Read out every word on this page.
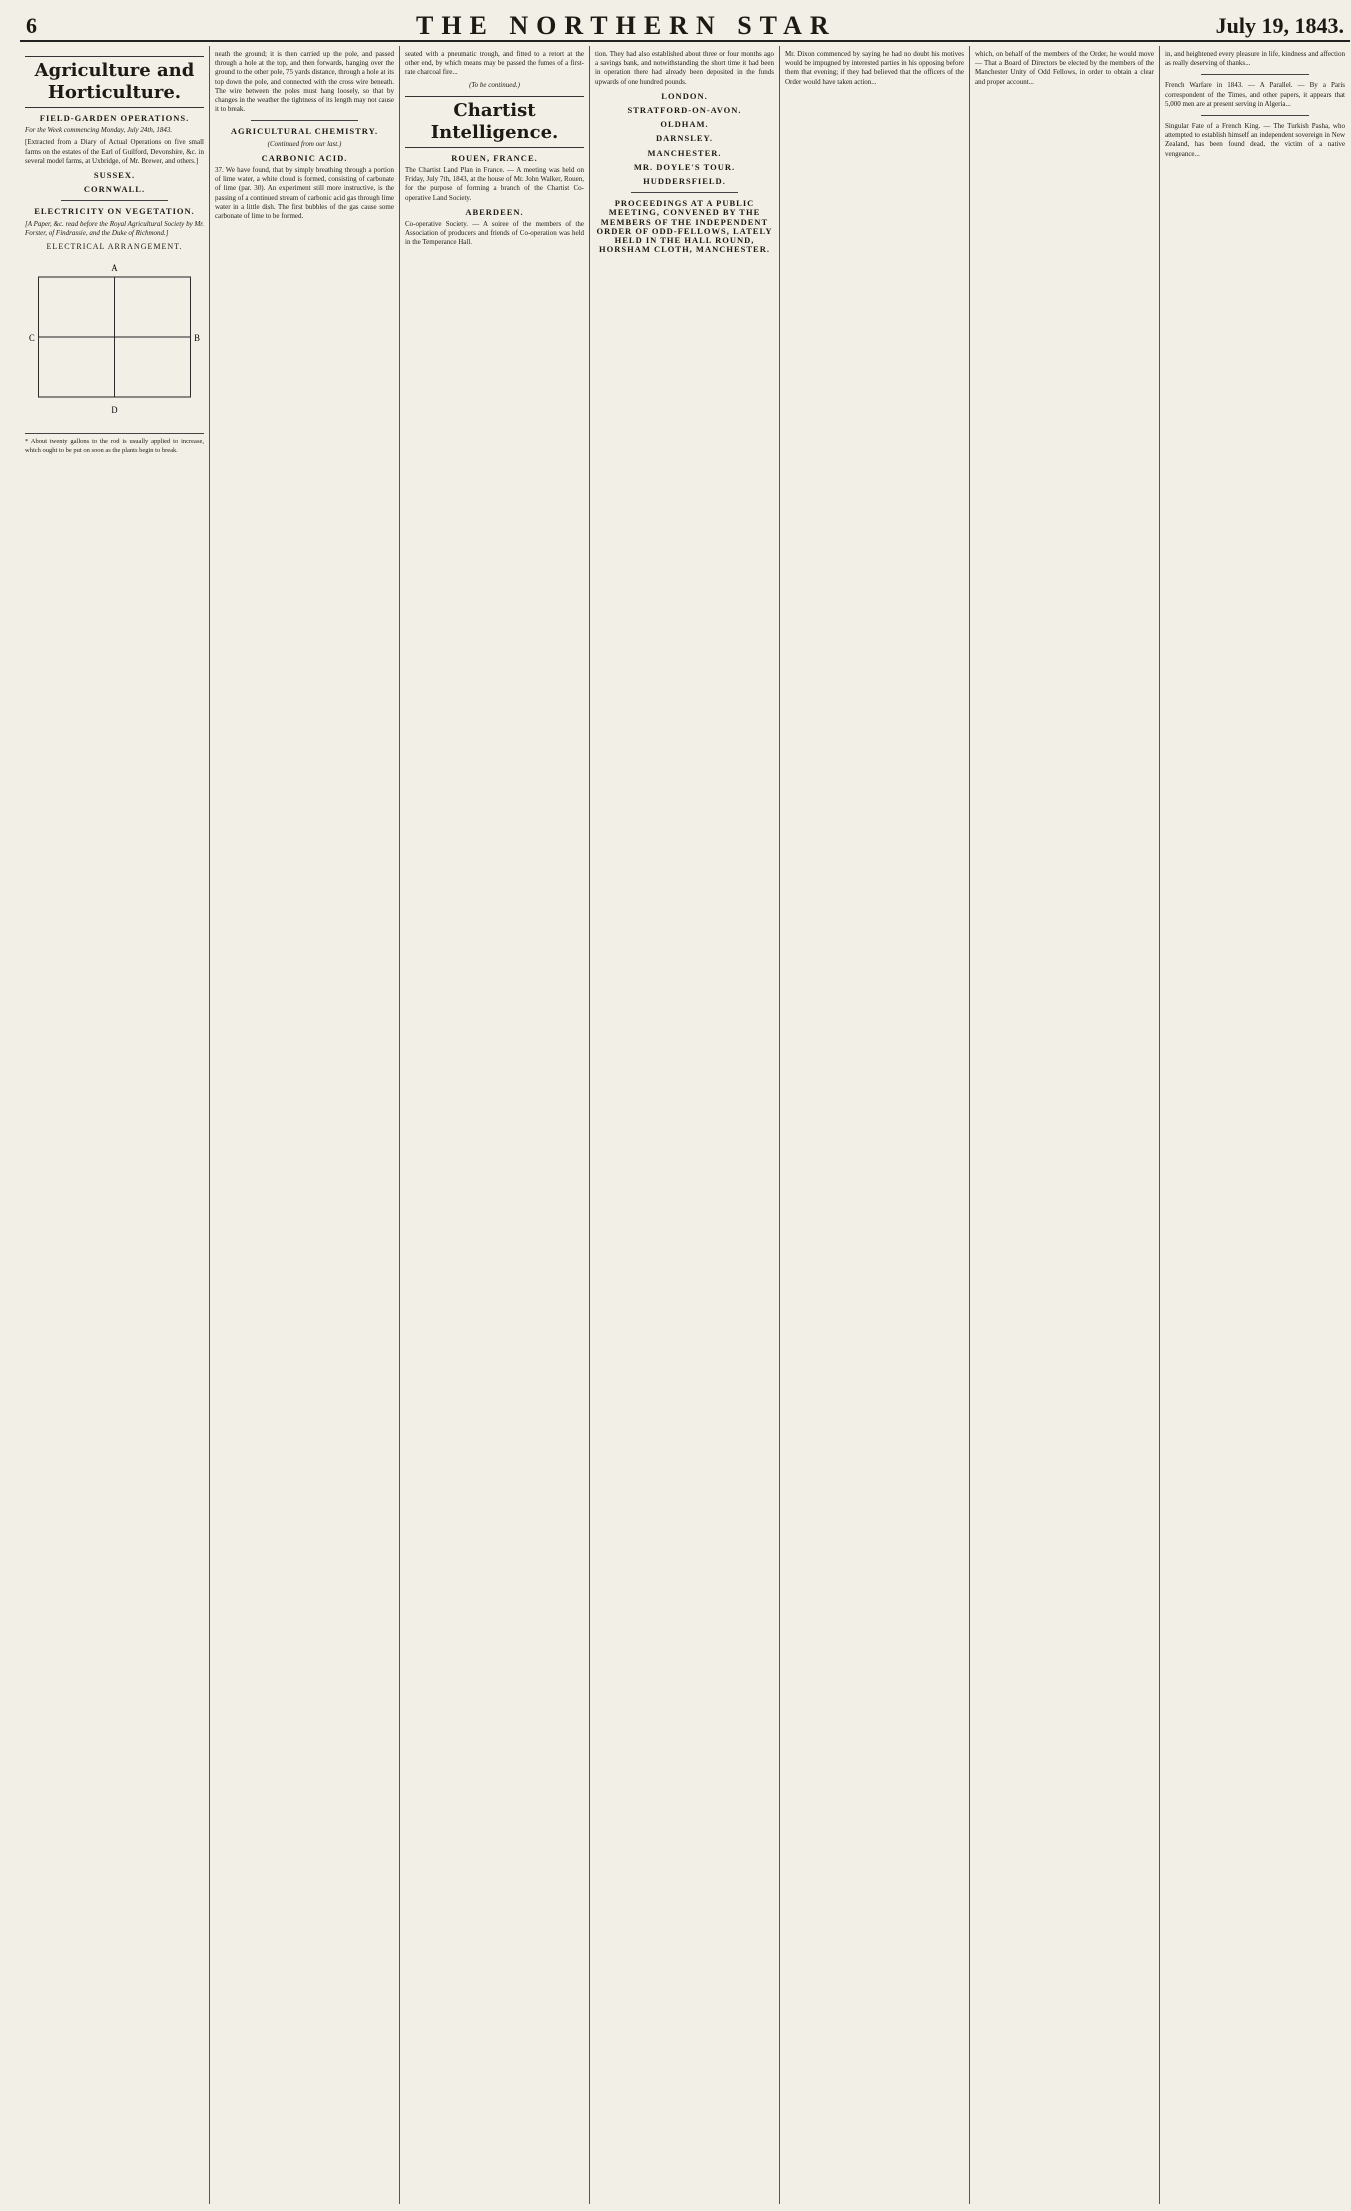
6	THE NORTHERN STAR	July 19, 1843.
Agriculture and Horticulture.
FIELD-GARDEN OPERATIONS.

For the Week commencing Monday, July 24th, 1843.

[Extracted from a Diary of Actual Operations on five small farms on the estates of the Earl of Guilford, Devonshire, &c. in several model farms, at Uxbridge, of Mr. Brewer, and others.]

SUSSEX.

CORNWALL.

ELECTRICITY ON VEGETATION.

[A Paper, &c. read before the Royal Agricultural Society by Mr. Forster, of Findrassie, and the Duke of Richmond.]

ELECTRICAL ARRANGEMENT.
A
B
C
D

* About twenty gallons to the rod is usually applied to increase, which ought to be put on soon as the plants begin to break.

neath the ground; it is then carried up the pole, and passed through a hole at the top, and then forwards, hanging over the ground to the other pole, 75 yards distance, through a hole at its top down the pole, and connected with the cross wire beneath. The wire between the poles must hang loosely, so that by changes in the weather the tightness of its length may not cause it to break.

AGRICULTURAL CHEMISTRY.

(Continued from our last.)

CARBONIC ACID.

37. We have found, that by simply breathing through a portion of lime water, a white cloud is formed, consisting of carbonate of lime (par. 30). An experiment still more instructive, is the passing of a continued stream of carbonic acid gas through lime water in a little dish. The first bubbles of the gas cause some carbonate of lime to be formed.

seated with a pneumatic trough, and fitted to a retort at the other end, by which means may be passed the fumes of a first-rate charcoal fire...

(To be continued.)

Chartist Intelligence.
ROUEN, FRANCE.

The Chartist Land Plan in France. — A meeting was held on Friday, July 7th, 1843, at the house of Mr. John Walker, Rouen, for the purpose of forming a branch of the Chartist Co-operative Land Society.

ABERDEEN.

Co-operative Society. — A soiree of the members of the Association of producers and friends of Co-operation was held in the Temperance Hall.

tion. They had also established about three or four months ago a savings bank, and notwithstanding the short time it had been in operation there had already been deposited in the funds upwards of one hundred pounds.

LONDON.

STRATFORD-ON-AVON.

OLDHAM.

DARNSLEY.

MANCHESTER.

MR. DOYLE'S TOUR.

HUDDERSFIELD.

PROCEEDINGS AT A PUBLIC MEETING, CONVENED BY THE MEMBERS OF THE INDEPENDENT ORDER OF ODD-FELLOWS, LATELY HELD IN THE HALL ROUND, HORSHAM CLOTH, MANCHESTER.

Mr. Dixon commenced by saying he had no doubt his motives would be impugned by interested parties in his opposing before them that evening; if they had believed that the officers of the Order would have taken action...

which, on behalf of the members of the Order, he would move — That a Board of Directors be elected by the members of the Manchester Unity of Odd Fellows, in order to obtain a clear and proper account...

in, and heightened every pleasure in life, kindness and affection as really deserving of thanks...

French Warfare in 1843. — A Parallel. — By a Paris correspondent of the Times, and other papers, it appears that 5,000 men are at present serving in Algeria...

Singular Fate of a French King. — The Turkish Pasha, who attempted to establish himself an independent sovereign in New Zealand, has been found dead, the victim of a native vengeance...
